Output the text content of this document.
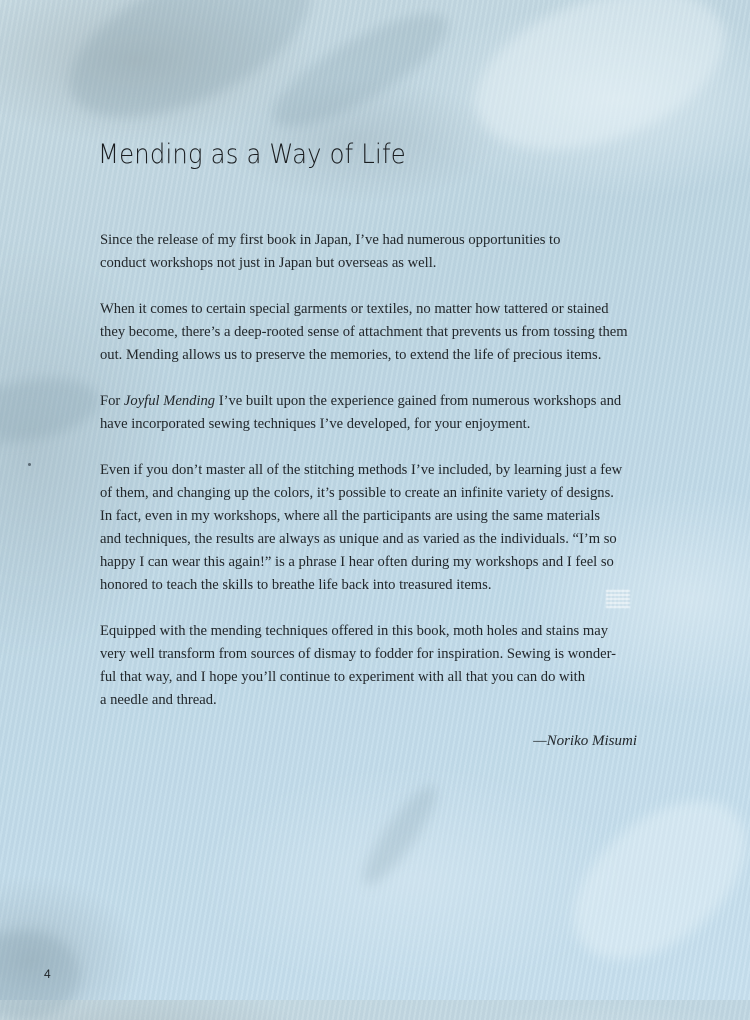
Mending as a Way of Life

Since the release of my first book in Japan, I’ve had numerous opportunities to
conduct workshops not just in Japan but overseas as well.

When it comes to certain special garments or textiles, no matter how tattered or stained
they become, there’s a deep-rooted sense of attachment that prevents us from tossing them
out. Mending allows us to preserve the memories, to extend the life of precious items.

For Joyful Mending I’ve built upon the experience gained from numerous workshops and
have incorporated sewing techniques I’ve developed, for your enjoyment.

Even if you don’t master all of the stitching methods I’ve included, by learning just a few
of them, and changing up the colors, it’s possible to create an infinite variety of designs.
In fact, even in my workshops, where all the participants are using the same materials
and techniques, the results are always as unique and as varied as the individuals. “I’m so
happy I can wear this again!” is a phrase I hear often during my workshops and I feel so
honored to teach the skills to breathe life back into treasured items.

Equipped with the mending techniques offered in this book, moth holes and stains may
very well transform from sources of dismay to fodder for inspiration. Sewing is wonder-
ful that way, and I hope you’ll continue to experiment with all that you can do with
a needle and thread.

—Noriko Misumi
4
